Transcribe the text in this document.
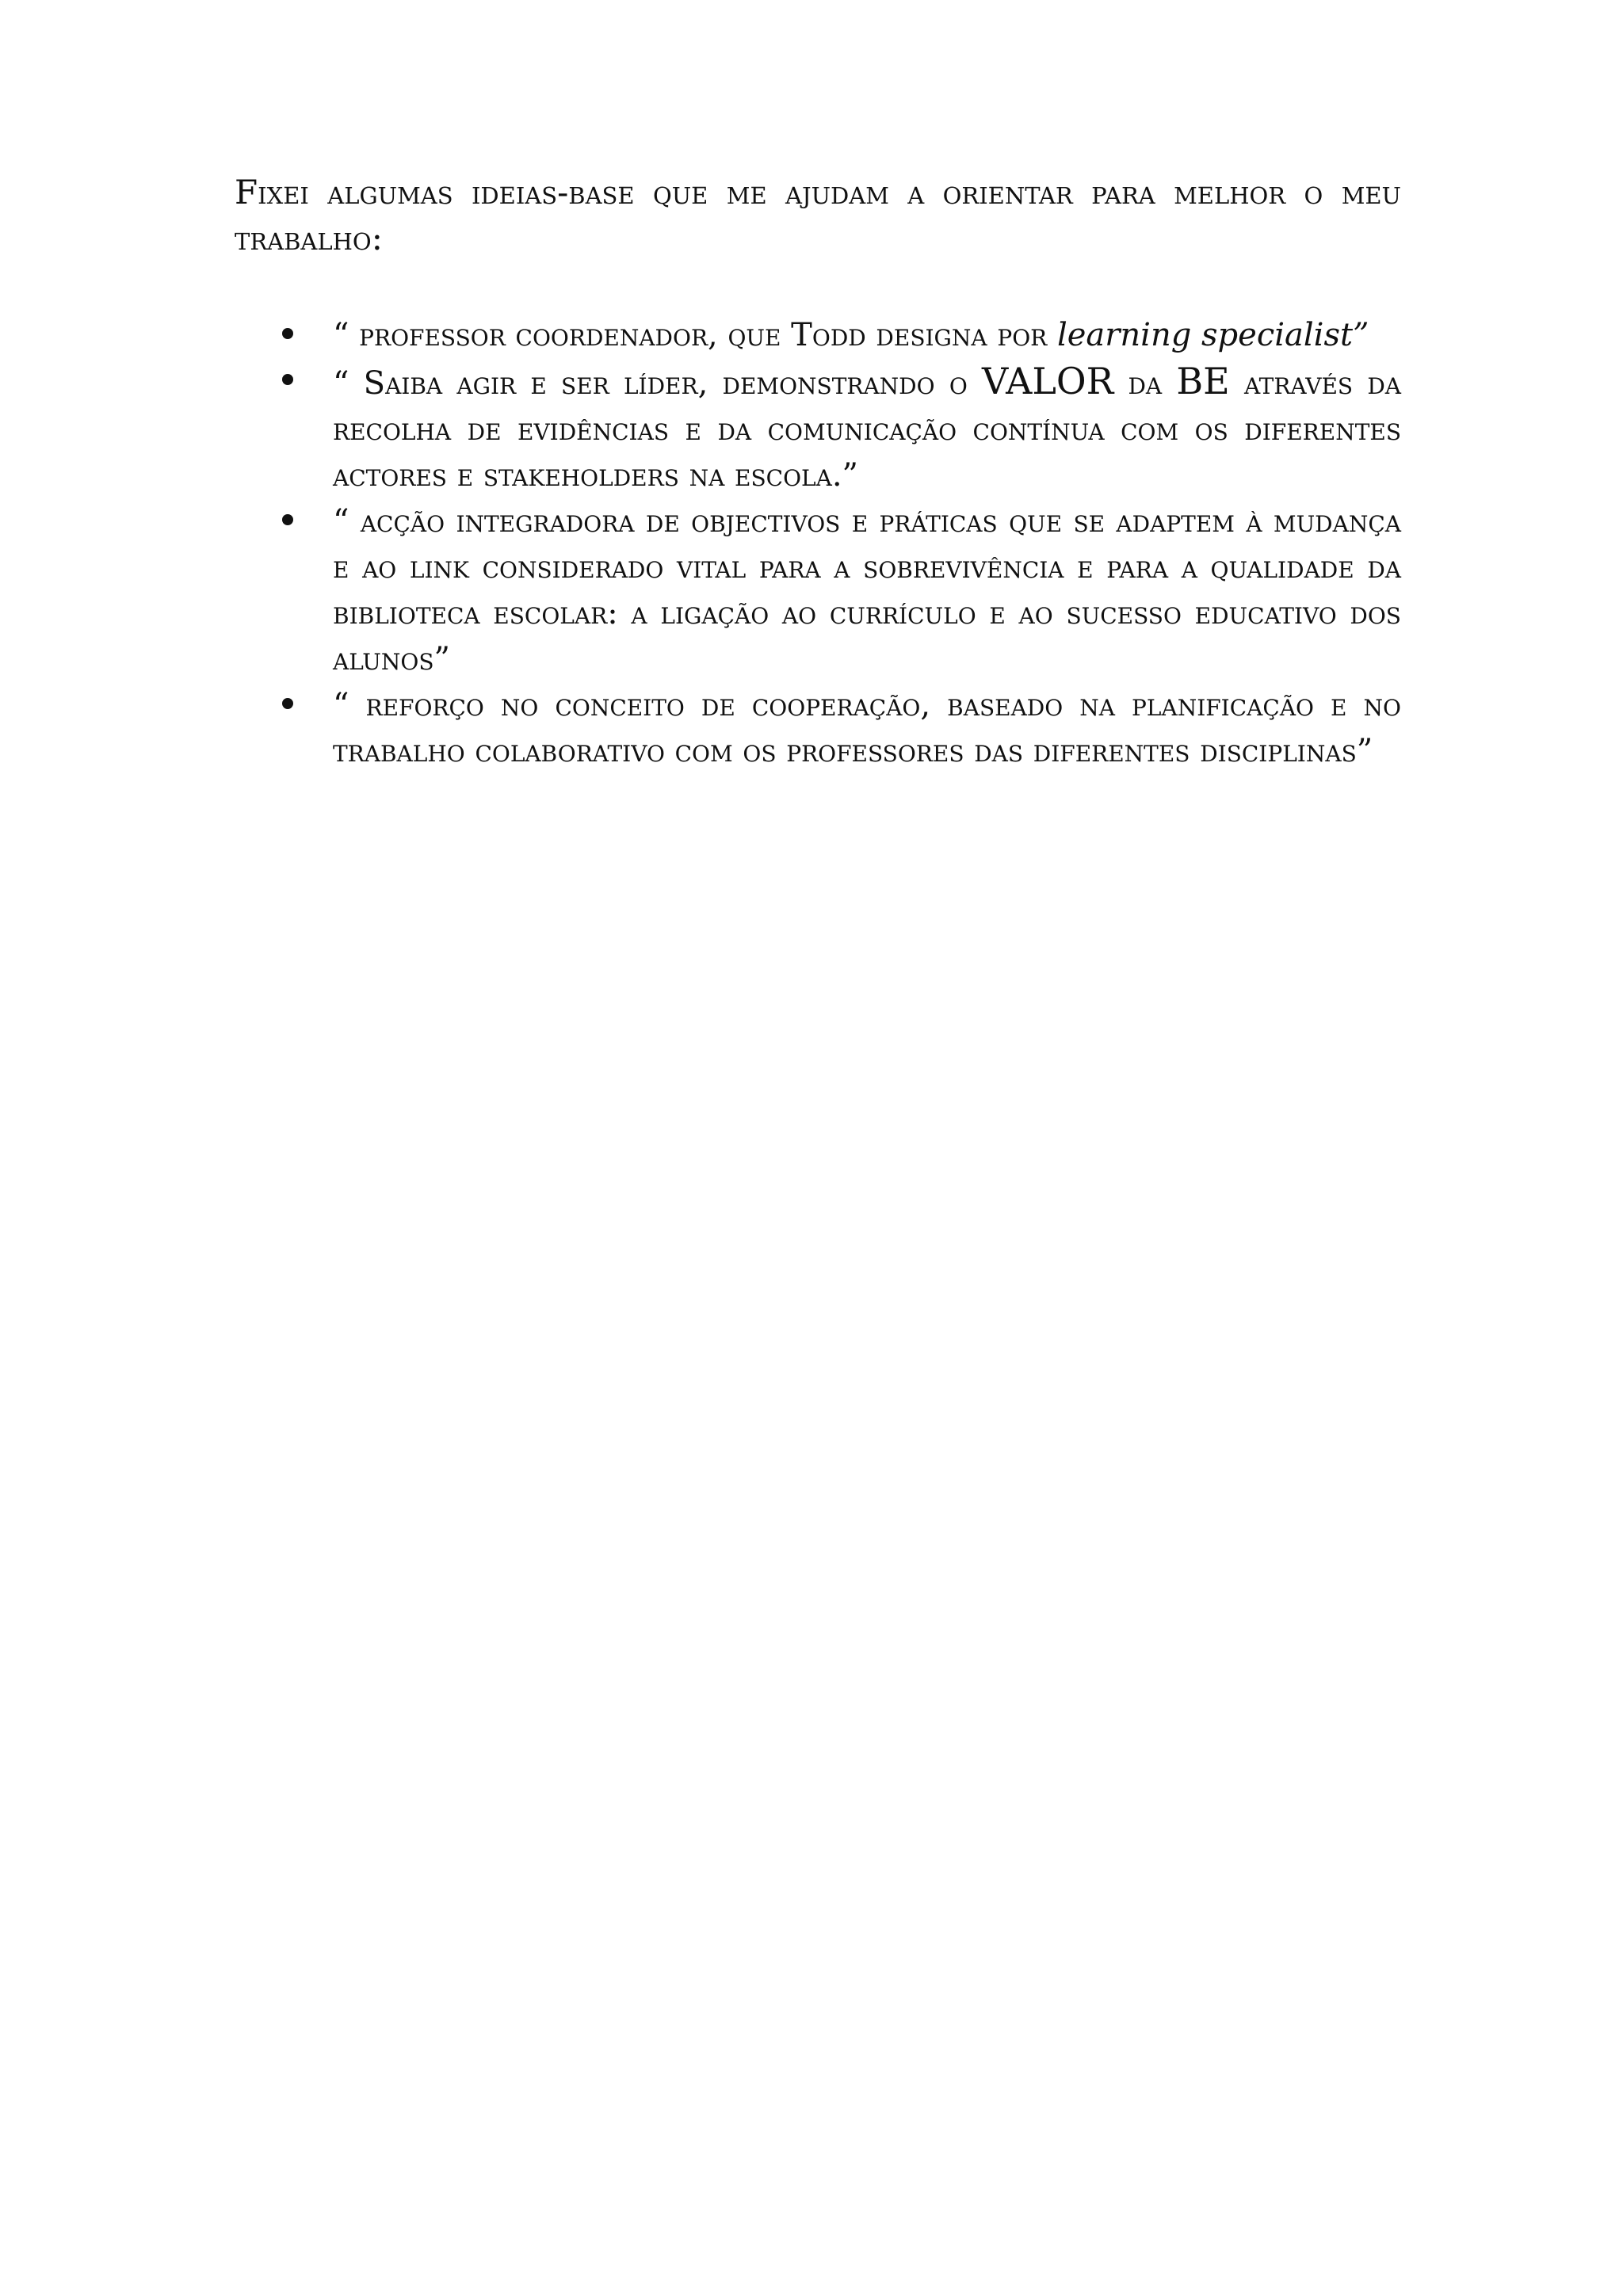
Fixei algumas ideias-base que me ajudam a orientar para melhor o meu trabalho:

“ professor coordenador, que Todd designa por learning specialist”
“ Saiba agir e ser líder, demonstrando o VALOR da BE através da recolha de evidências e da comunicação contínua com os diferentes actores e stakeholders na escola.”
“ acção integradora de objectivos e práticas que se adaptem à mudança e ao link considerado vital para a sobrevivência e para a qualidade da biblioteca escolar: a ligação ao currículo e ao sucesso educativo dos alunos”
“ reforço no conceito de cooperação, baseado na planificação e no trabalho colaborativo com os professores das diferentes disciplinas”
